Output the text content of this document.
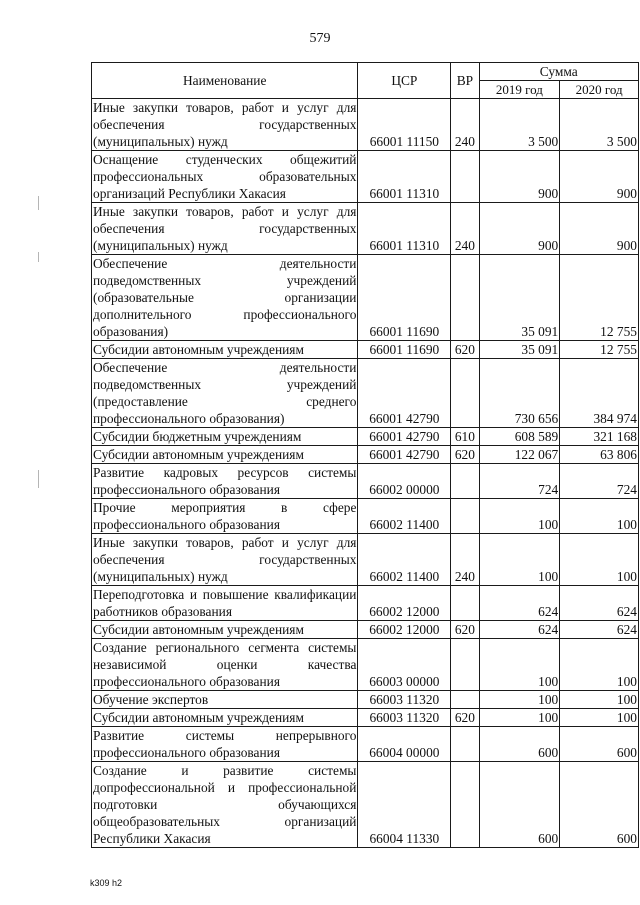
579
Наименование	ЦСР	ВР	Сумма	
			2019 год	2020 год
Иные закупки товаров, работ и услуг для обеспечения государственных (муниципальных) нужд	66001 11150	240	3 500	3 500
Оснащение студенческих общежитий профессиональных образовательных организаций Республики Хакасия	66001 11310		900	900
Иные закупки товаров, работ и услуг для обеспечения государственных (муниципальных) нужд	66001 11310	240	900	900
Обеспечение деятельности подведомственных учреждений (образовательные организации дополнительного профессионального образования)	66001 11690		35 091	12 755
Субсидии автономным учреждениям	66001 11690	620	35 091	12 755
Обеспечение деятельности подведомственных учреждений (предоставление среднего профессионального образования)	66001 42790		730 656	384 974
Субсидии бюджетным учреждениям	66001 42790	610	608 589	321 168
Субсидии автономным учреждениям	66001 42790	620	122 067	63 806
Развитие кадровых ресурсов системы профессионального образования	66002 00000		724	724
Прочие мероприятия в сфере профессионального образования	66002 11400		100	100
Иные закупки товаров, работ и услуг для обеспечения государственных (муниципальных) нужд	66002 11400	240	100	100
Переподготовка и повышение квалификации работников образования	66002 12000		624	624
Субсидии автономным учреждениям	66002 12000	620	624	624
Создание регионального сегмента системы независимой оценки качества профессионального образования	66003 00000		100	100
Обучение экспертов	66003 11320		100	100
Субсидии автономным учреждениям	66003 11320	620	100	100
Развитие системы непрерывного профессионального образования	66004 00000		600	600
Создание и развитие системы допрофессиональной и профессиональной подготовки обучающихся общеобразовательных организаций Республики Хакасия	66004 11330		600	600
k309 h2
